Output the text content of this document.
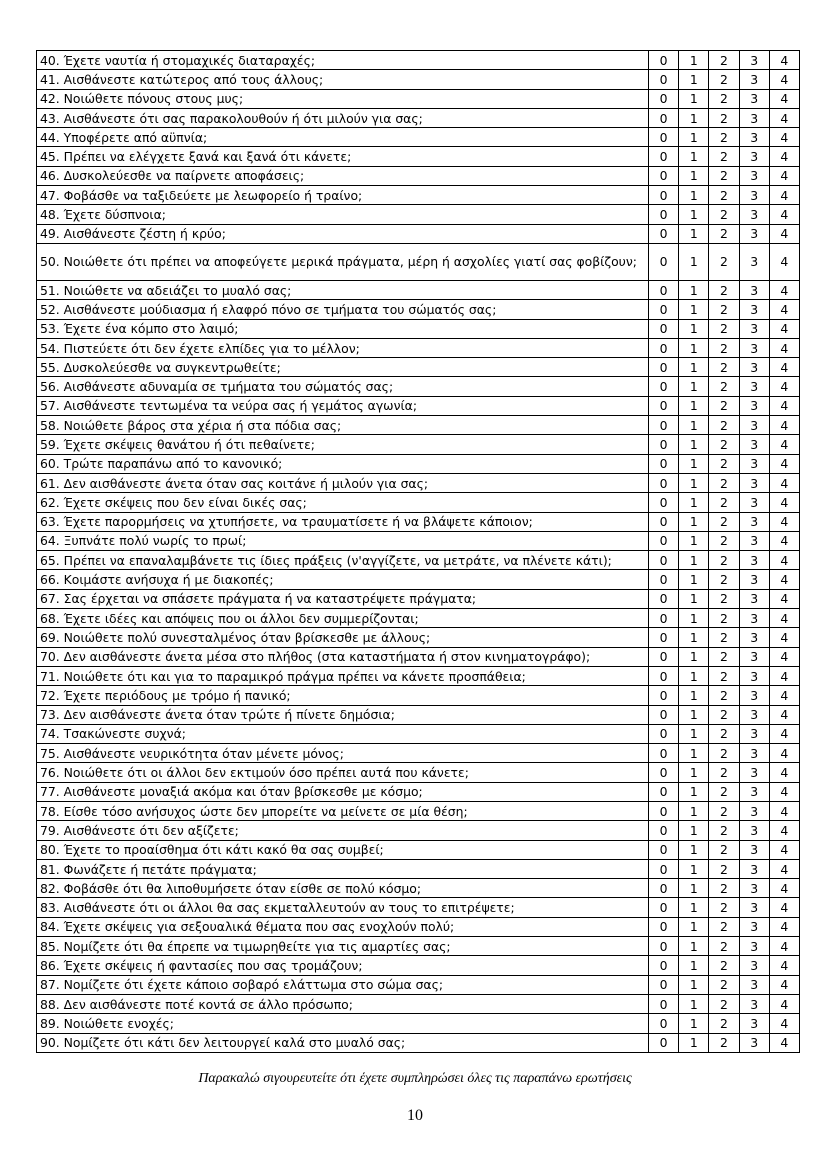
40. Έχετε ναυτία ή στομαχικές διαταραχές;	0	1	2	3	4
41. Αισθάνεστε κατώτερος από τους άλλους;	0	1	2	3	4
42. Νοιώθετε πόνους στους μυς;	0	1	2	3	4
43. Αισθάνεστε ότι σας παρακολουθούν ή ότι μιλούν για σας;	0	1	2	3	4
44. Υποφέρετε από αϋπνία;	0	1	2	3	4
45. Πρέπει να ελέγχετε ξανά και ξανά ότι κάνετε;	0	1	2	3	4
46. Δυσκολεύεσθε να παίρνετε αποφάσεις;	0	1	2	3	4
47. Φοβάσθε να ταξιδεύετε με λεωφορείο ή τραίνο;	0	1	2	3	4
48. Έχετε δύσπνοια;	0	1	2	3	4
49. Αισθάνεστε ζέστη ή κρύο;	0	1	2	3	4
50. Νοιώθετε ότι πρέπει να αποφεύγετε μερικά πράγματα, μέρη ή ασχολίες γιατί σας φοβίζουν;	0	1	2	3	4
51. Νοιώθετε να αδειάζει το μυαλό σας;	0	1	2	3	4
52. Αισθάνεστε μούδιασμα ή ελαφρό πόνο σε τμήματα του σώματός σας;	0	1	2	3	4
53. Έχετε ένα κόμπο στο λαιμό;	0	1	2	3	4
54. Πιστεύετε ότι δεν έχετε ελπίδες για το μέλλον;	0	1	2	3	4
55. Δυσκολεύεσθε να συγκεντρωθείτε;	0	1	2	3	4
56. Αισθάνεστε αδυναμία σε τμήματα του σώματός σας;	0	1	2	3	4
57. Αισθάνεστε τεντωμένα τα νεύρα σας ή γεμάτος αγωνία;	0	1	2	3	4
58. Νοιώθετε βάρος στα χέρια ή στα πόδια σας;	0	1	2	3	4
59. Έχετε σκέψεις θανάτου ή ότι πεθαίνετε;	0	1	2	3	4
60. Τρώτε παραπάνω από το κανονικό;	0	1	2	3	4
61. Δεν αισθάνεστε άνετα όταν σας κοιτάνε ή μιλούν για σας;	0	1	2	3	4
62. Έχετε σκέψεις που δεν είναι δικές σας;	0	1	2	3	4
63. Έχετε παρορμήσεις να χτυπήσετε, να τραυματίσετε ή να βλάψετε κάποιον;	0	1	2	3	4
64. Ξυπνάτε πολύ νωρίς το πρωί;	0	1	2	3	4
65. Πρέπει να επαναλαμβάνετε τις ίδιες πράξεις (ν'αγγίζετε, να μετράτε, να πλένετε κάτι);	0	1	2	3	4
66. Κοιμάστε ανήσυχα ή με διακοπές;	0	1	2	3	4
67. Σας έρχεται να σπάσετε πράγματα ή να καταστρέψετε πράγματα;	0	1	2	3	4
68. Έχετε ιδέες και απόψεις που οι άλλοι δεν συμμερίζονται;	0	1	2	3	4
69. Νοιώθετε πολύ συνεσταλμένος όταν βρίσκεσθε με άλλους;	0	1	2	3	4
70. Δεν αισθάνεστε άνετα μέσα στο πλήθος (στα καταστήματα ή στον κινηματογράφο);	0	1	2	3	4
71. Νοιώθετε ότι και για το παραμικρό πράγμα πρέπει να κάνετε προσπάθεια;	0	1	2	3	4
72. Έχετε περιόδους με τρόμο ή πανικό;	0	1	2	3	4
73. Δεν αισθάνεστε άνετα όταν τρώτε ή πίνετε δημόσια;	0	1	2	3	4
74. Τσακώνεστε συχνά;	0	1	2	3	4
75. Αισθάνεστε νευρικότητα όταν μένετε μόνος;	0	1	2	3	4
76. Νοιώθετε ότι οι άλλοι δεν εκτιμούν όσο πρέπει αυτά που κάνετε;	0	1	2	3	4
77. Αισθάνεστε μοναξιά ακόμα και όταν βρίσκεσθε με κόσμο;	0	1	2	3	4
78. Είσθε τόσο ανήσυχος ώστε δεν μπορείτε να μείνετε σε μία θέση;	0	1	2	3	4
79. Αισθάνεστε ότι δεν αξίζετε;	0	1	2	3	4
80. Έχετε το προαίσθημα ότι κάτι κακό θα σας συμβεί;	0	1	2	3	4
81. Φωνάζετε ή πετάτε πράγματα;	0	1	2	3	4
82. Φοβάσθε ότι θα λιποθυμήσετε όταν είσθε σε πολύ κόσμο;	0	1	2	3	4
83. Αισθάνεστε ότι οι άλλοι θα σας εκμεταλλευτούν αν τους το επιτρέψετε;	0	1	2	3	4
84. Έχετε σκέψεις για σεξουαλικά θέματα που σας ενοχλούν πολύ;	0	1	2	3	4
85. Νομίζετε ότι θα έπρεπε να τιμωρηθείτε για τις αμαρτίες σας;	0	1	2	3	4
86. Έχετε σκέψεις ή φαντασίες που σας τρομάζουν;	0	1	2	3	4
87. Νομίζετε ότι έχετε κάποιο σοβαρό ελάττωμα στο σώμα σας;	0	1	2	3	4
88. Δεν αισθάνεστε ποτέ κοντά σε άλλο πρόσωπο;	0	1	2	3	4
89. Νοιώθετε ενοχές;	0	1	2	3	4
90. Νομίζετε ότι κάτι δεν λειτουργεί καλά στο μυαλό σας;	0	1	2	3	4
Παρακαλώ σιγουρευτείτε ότι έχετε συμπληρώσει όλες τις παραπάνω ερωτήσεις
10
